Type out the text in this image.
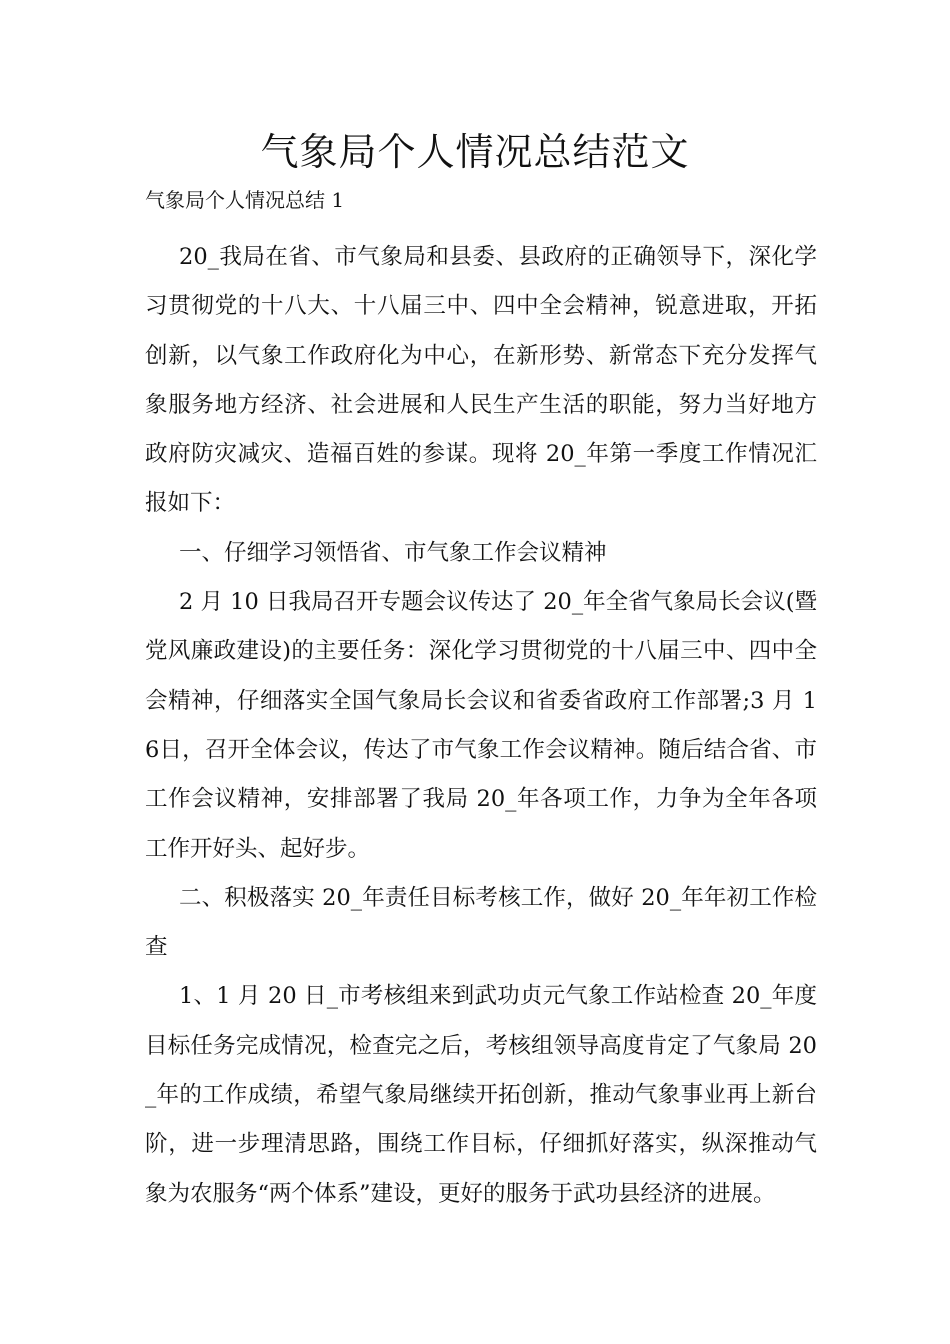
气象局个人情况总结范文

气象局个人情况总结 1

20_我局在省、市气象局和县委、县政府的正确领导下，深化学习贯彻党的十八大、十八届三中、四中全会精神，锐意进取，开拓创新，以气象工作政府化为中心，在新形势、新常态下充分发挥气象服务地方经济、社会进展和人民生产生活的职能，努力当好地方政府防灾减灾、造福百姓的参谋。现将 20_年第一季度工作情况汇报如下：

一、仔细学习领悟省、市气象工作会议精神

2 月 10 日我局召开专题会议传达了 20_年全省气象局长会议(暨党风廉政建设)的主要任务：深化学习贯彻党的十八届三中、四中全会精神，仔细落实全国气象局长会议和省委省政府工作部署;3 月 16日，召开全体会议，传达了市气象工作会议精神。随后结合省、市工作会议精神，安排部署了我局 20_年各项工作，力争为全年各项工作开好头、起好步。

二、积极落实 20_年责任目标考核工作，做好 20_年年初工作检查

1、1 月 20 日_市考核组来到武功贞元气象工作站检查 20_年度目标任务完成情况，检查完之后，考核组领导高度肯定了气象局 20_年的工作成绩，希望气象局继续开拓创新，推动气象事业再上新台阶，进一步理清思路，围绕工作目标，仔细抓好落实，纵深推动气象为农服务“两个体系”建设，更好的服务于武功县经济的进展。
